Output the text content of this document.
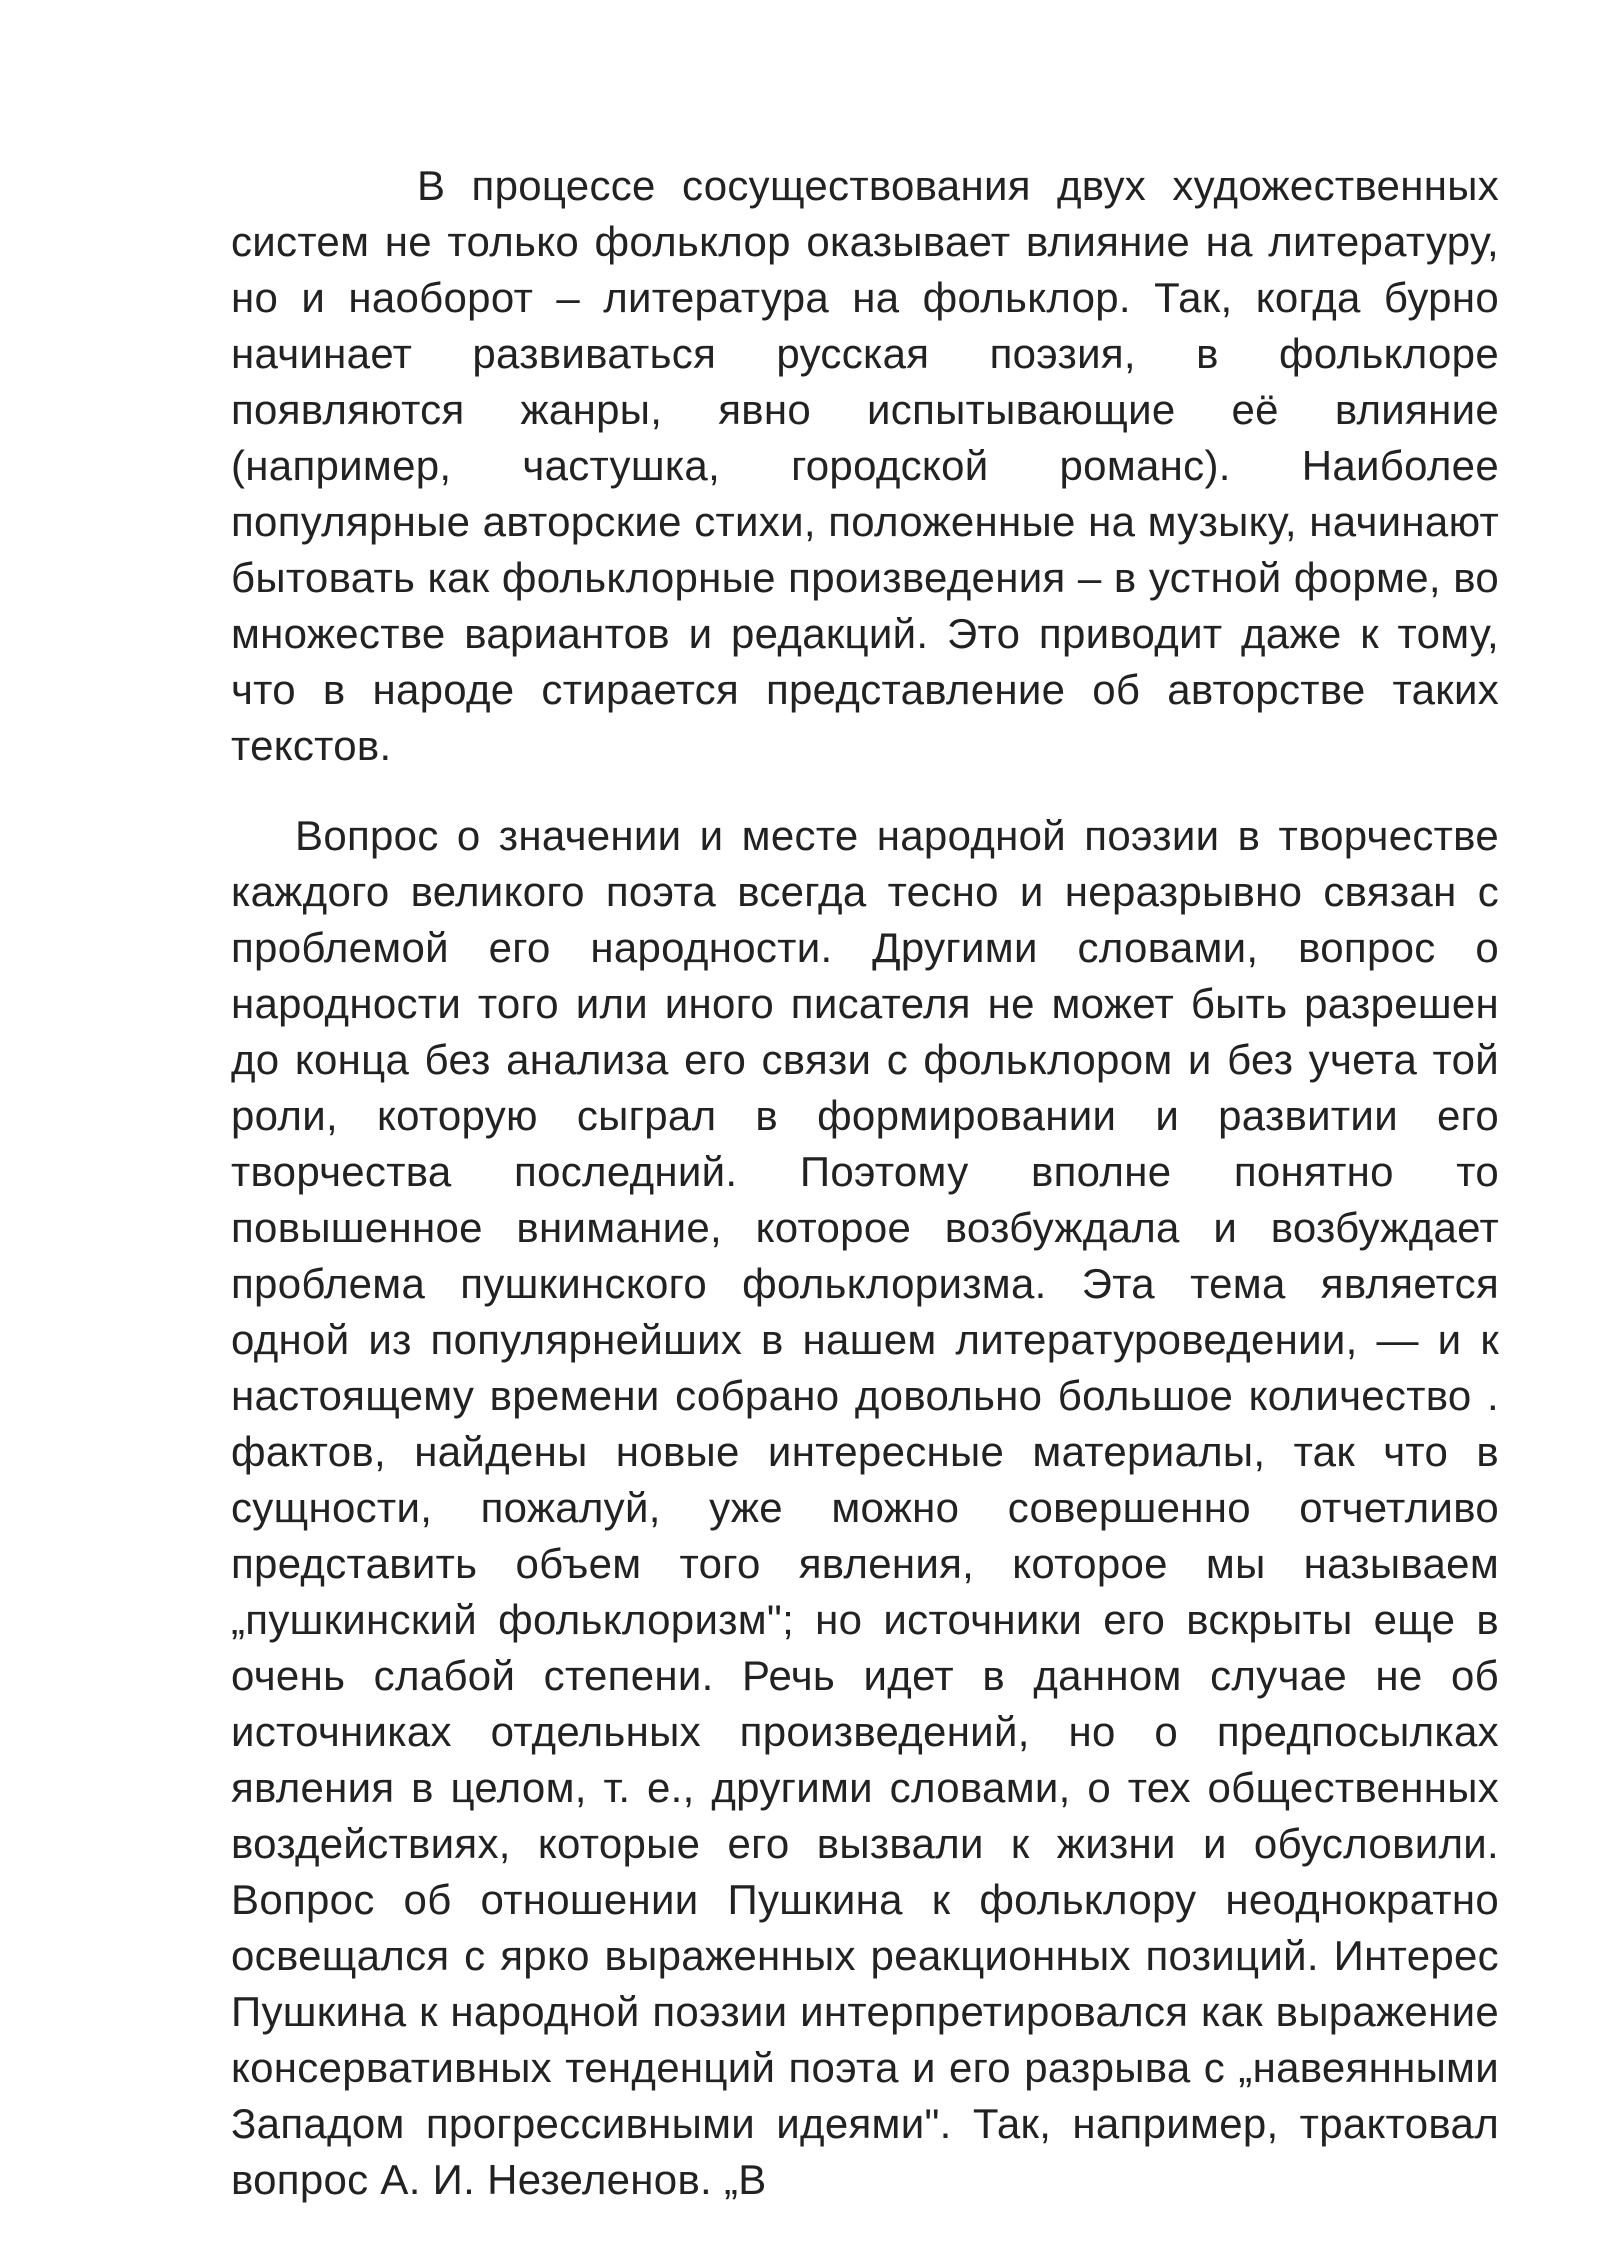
В процессе сосуществования двух художественных систем не только фольклор оказывает влияние на литературу, но и наоборот – литература на фольклор. Так, когда бурно начинает развиваться русская поэзия, в фольклоре появляются жанры, явно испытывающие её влияние (например, частушка, городской романс). Наиболее популярные авторские стихи, положенные на музыку, начинают бытовать как фольклорные произведения – в устной форме, во множестве вариантов и редакций. Это приводит даже к тому, что в народе стирается представление об авторстве таких текстов.

Вопрос о значении и месте народной поэзии в творчестве каждого великого поэта всегда тесно и неразрывно связан с проблемой его народности. Другими словами, вопрос о народности того или иного писателя не может быть разрешен до конца без анализа его связи с фольклором и без учета той роли, которую сыграл в формировании и развитии его творчества последний. Поэтому вполне понятно то повышенное внимание, которое возбуждала и возбуждает проблема пушкинского фольклоризма. Эта тема является одной из популярнейших в нашем литературоведении, — и к настоящему времени собрано довольно большое количество . фактов, найдены новые интересные материалы, так что в сущности, пожалуй, уже можно совершенно отчетливо представить объем того явления, которое мы называем „пушкинский фольклоризм"; но источники его вскрыты еще в очень слабой степени. Речь идет в данном случае не об источниках отдельных произведений, но о предпосылках явления в целом, т. е., другими словами, о тех общественных воздействиях, которые его вызвали к жизни и обусловили. Вопрос об отношении Пушкина к фольклору неоднократно освещался с ярко выраженных реакционных позиций. Интерес Пушкина к народной поэзии интерпретировался как выражение консервативных тенденций поэта и его разрыва с „навеянными Западом прогрессивными идеями". Так, например, трактовал вопрос А. И. Незеленов. „В
